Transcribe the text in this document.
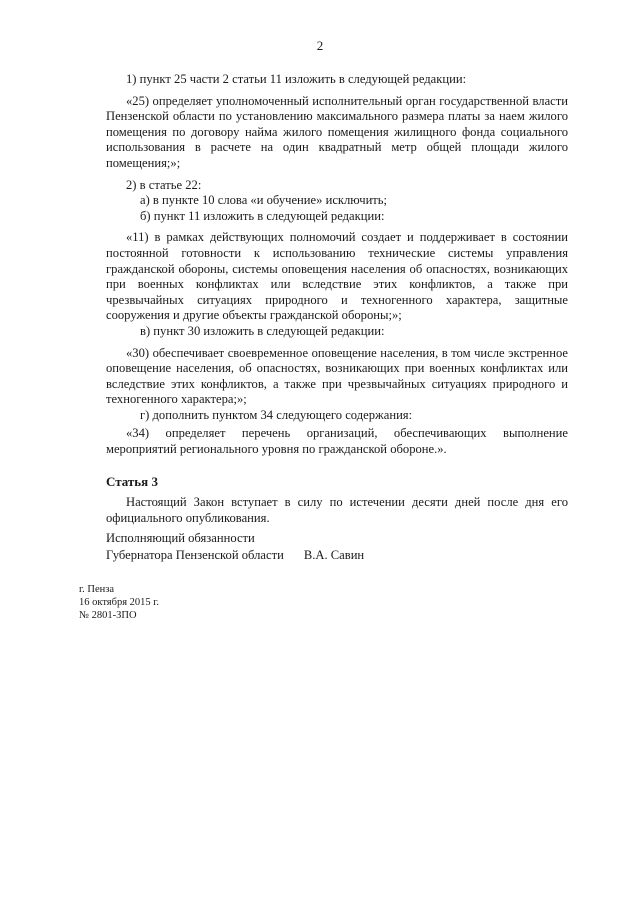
2

1) пункт 25 части 2 статьи 11 изложить в следующей редакции:

«25) определяет уполномоченный исполнительный орган государственной власти Пензенской области по установлению максимального размера платы за наем жилого помещения по договору найма жилого помещения жилищного фонда социального использования в расчете на один квадратный метр общей площади жилого помещения;»;

2) в статье 22:

а) в пункте 10 слова «и обучение» исключить;

б) пункт 11 изложить в следующей редакции:

«11) в рамках действующих полномочий создает и поддерживает в состоянии постоянной готовности к использованию технические системы управления гражданской обороны, системы оповещения населения об опасностях, возникающих при военных конфликтах или вследствие этих конфликтов, а также при чрезвычайных ситуациях природного и техногенного характера, защитные сооружения и другие объекты гражданской обороны;»;

в) пункт 30 изложить в следующей редакции:

«30) обеспечивает своевременное оповещение населения, в том числе экстренное оповещение населения, об опасностях, возникающих при военных конфликтах или вследствие этих конфликтов, а также при чрезвычайных ситуациях природного и техногенного характера;»;

г) дополнить пунктом 34 следующего содержания:

«34) определяет перечень организаций, обеспечивающих выполнение мероприятий регионального уровня по гражданской обороне.».

Статья 3

Настоящий Закон вступает в силу по истечении десяти дней после дня его официального опубликования.

Исполняющий обязанности
Губернатора Пензенской области В.А. Савин
г. Пенза
16 октября 2015 г.
№ 2801-ЗПО
